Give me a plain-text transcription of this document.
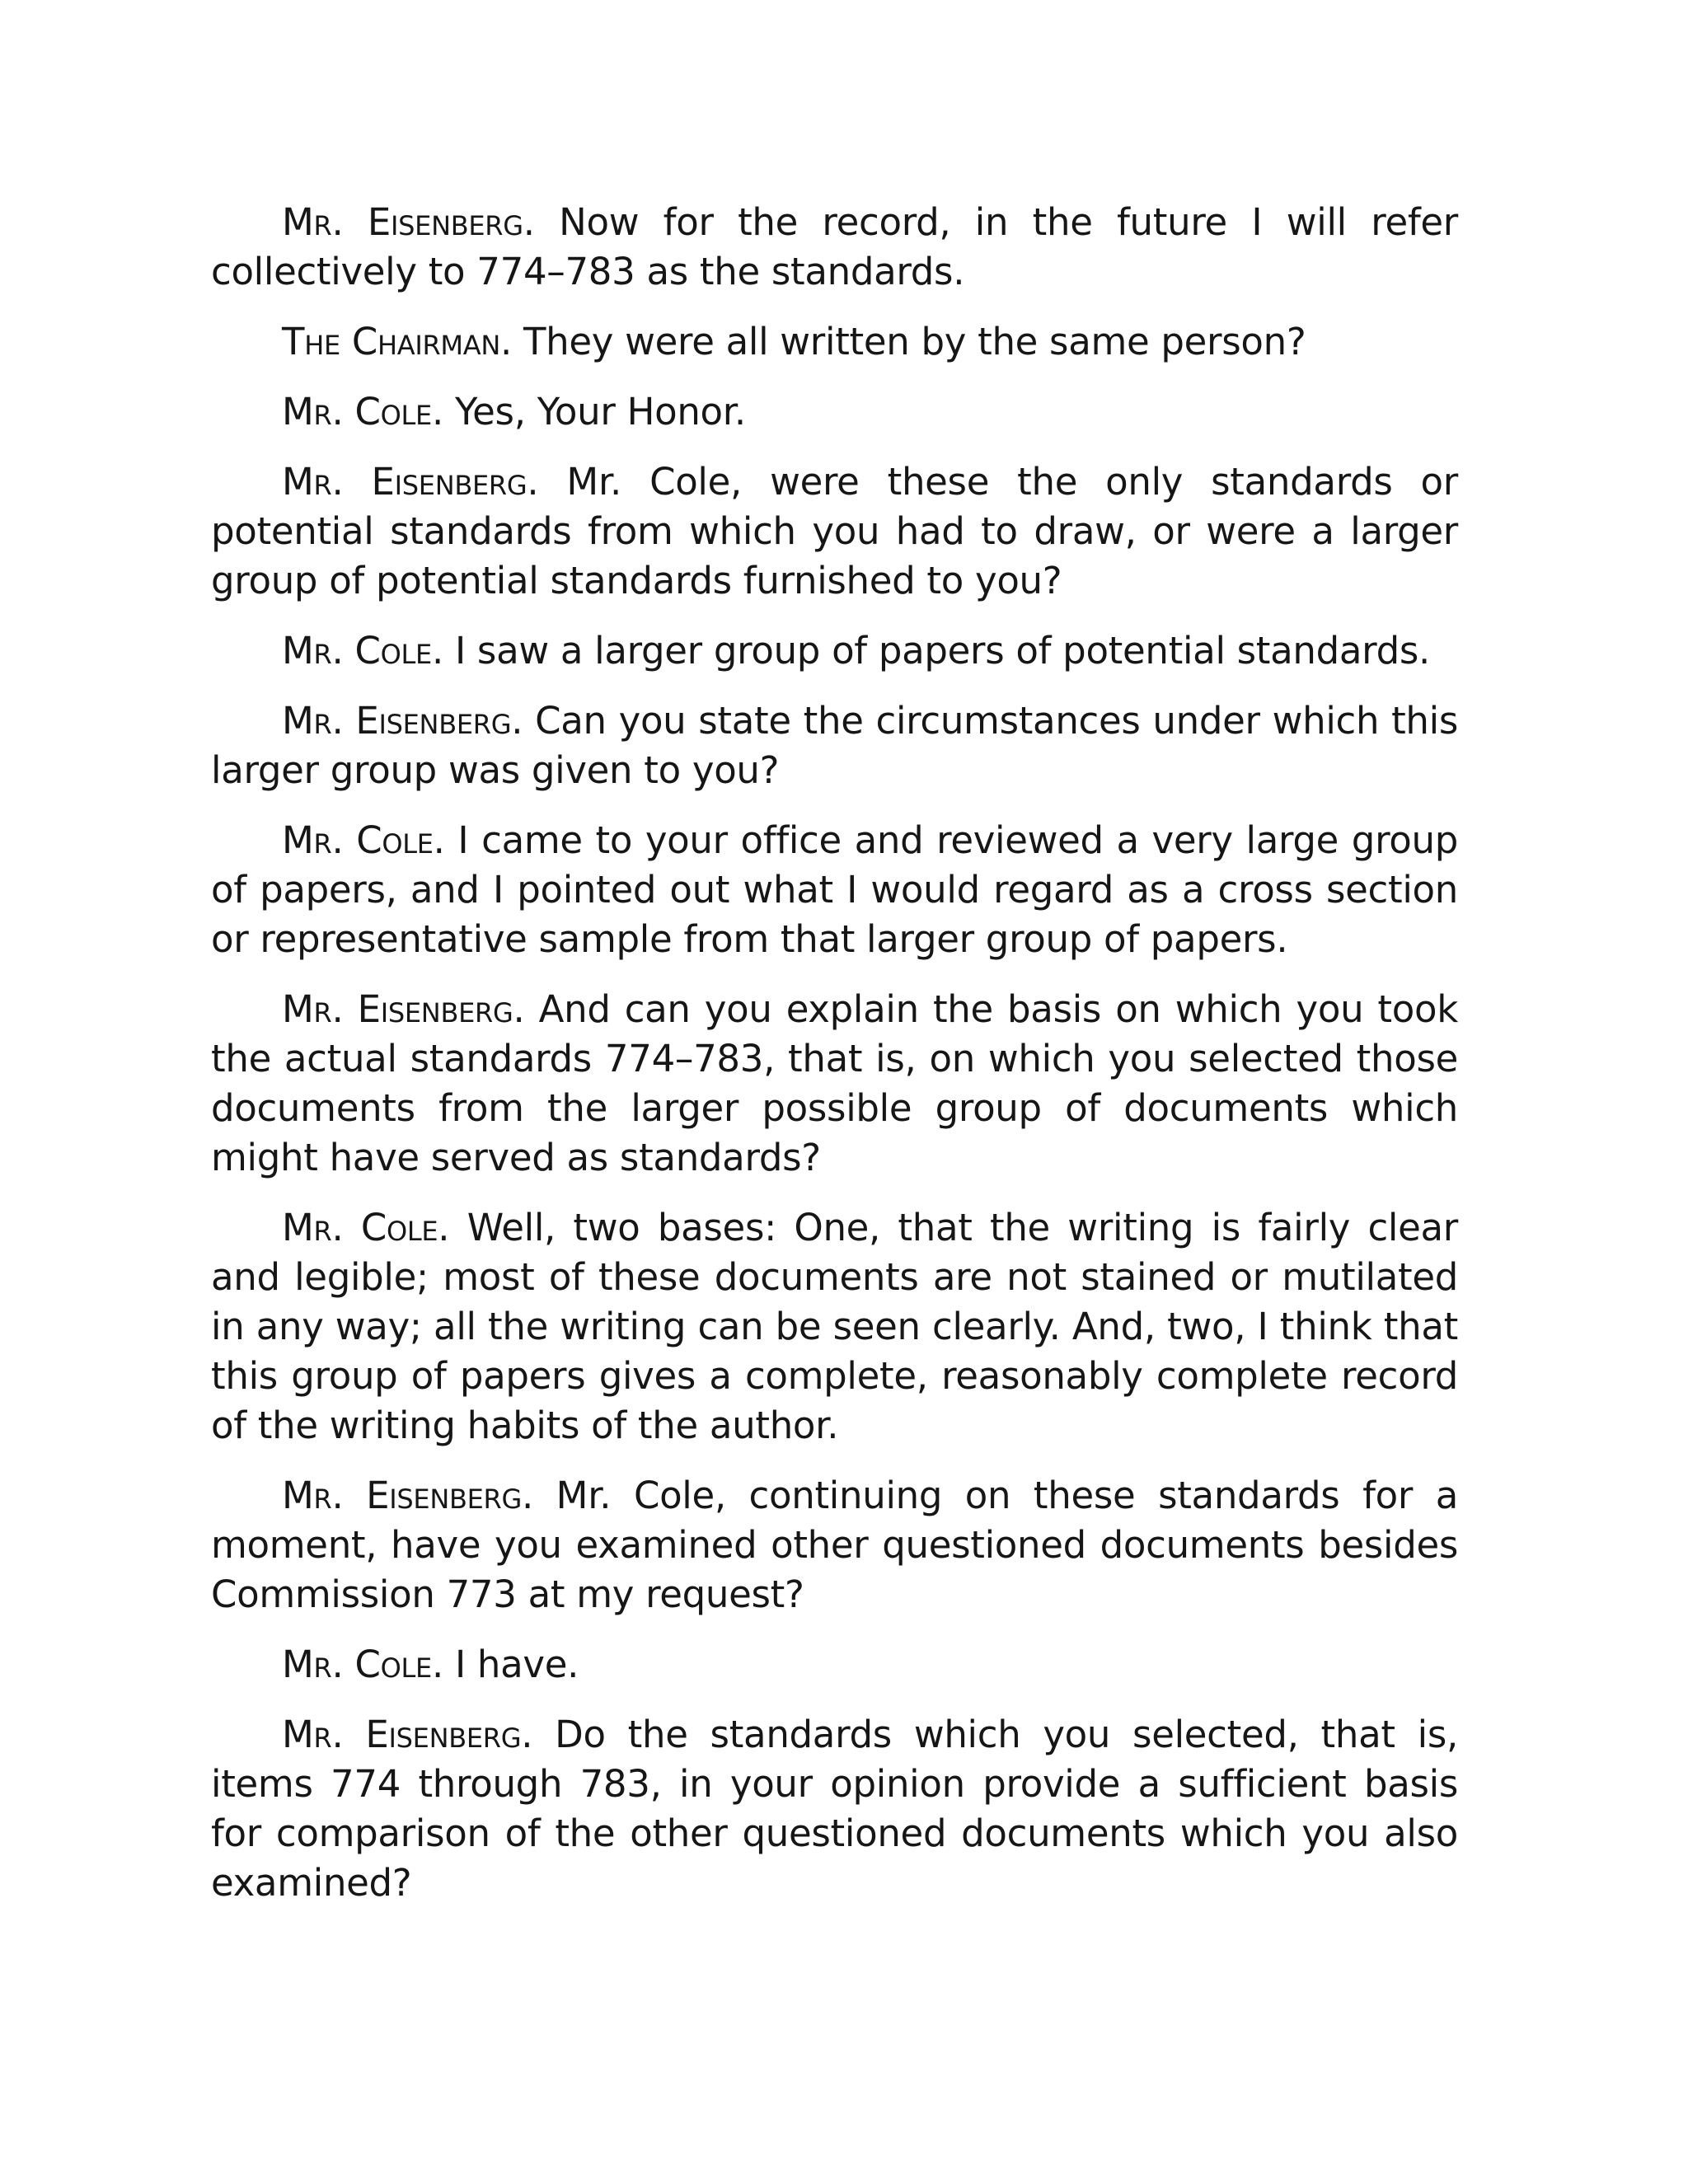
Mr. Eisenberg. Now for the record, in the future I will refer collectively to 774–783 as the standards.

The Chairman. They were all written by the same person?

Mr. Cole. Yes, Your Honor.

Mr. Eisenberg. Mr. Cole, were these the only standards or potential standards from which you had to draw, or were a larger group of potential standards furnished to you?

Mr. Cole. I saw a larger group of papers of potential standards.

Mr. Eisenberg. Can you state the circumstances under which this larger group was given to you?

Mr. Cole. I came to your office and reviewed a very large group of papers, and I pointed out what I would regard as a cross section or representative sample from that larger group of papers.

Mr. Eisenberg. And can you explain the basis on which you took the actual standards 774–783, that is, on which you selected those documents from the larger possible group of documents which might have served as standards?

Mr. Cole. Well, two bases: One, that the writing is fairly clear and legible; most of these documents are not stained or mutilated in any way; all the writing can be seen clearly. And, two, I think that this group of papers gives a complete, reasonably complete record of the writing habits of the author.

Mr. Eisenberg. Mr. Cole, continuing on these standards for a moment, have you examined other questioned documents besides Commission 773 at my request?

Mr. Cole. I have.

Mr. Eisenberg. Do the standards which you selected, that is, items 774 through 783, in your opinion provide a sufficient basis for comparison of the other questioned documents which you also examined?
